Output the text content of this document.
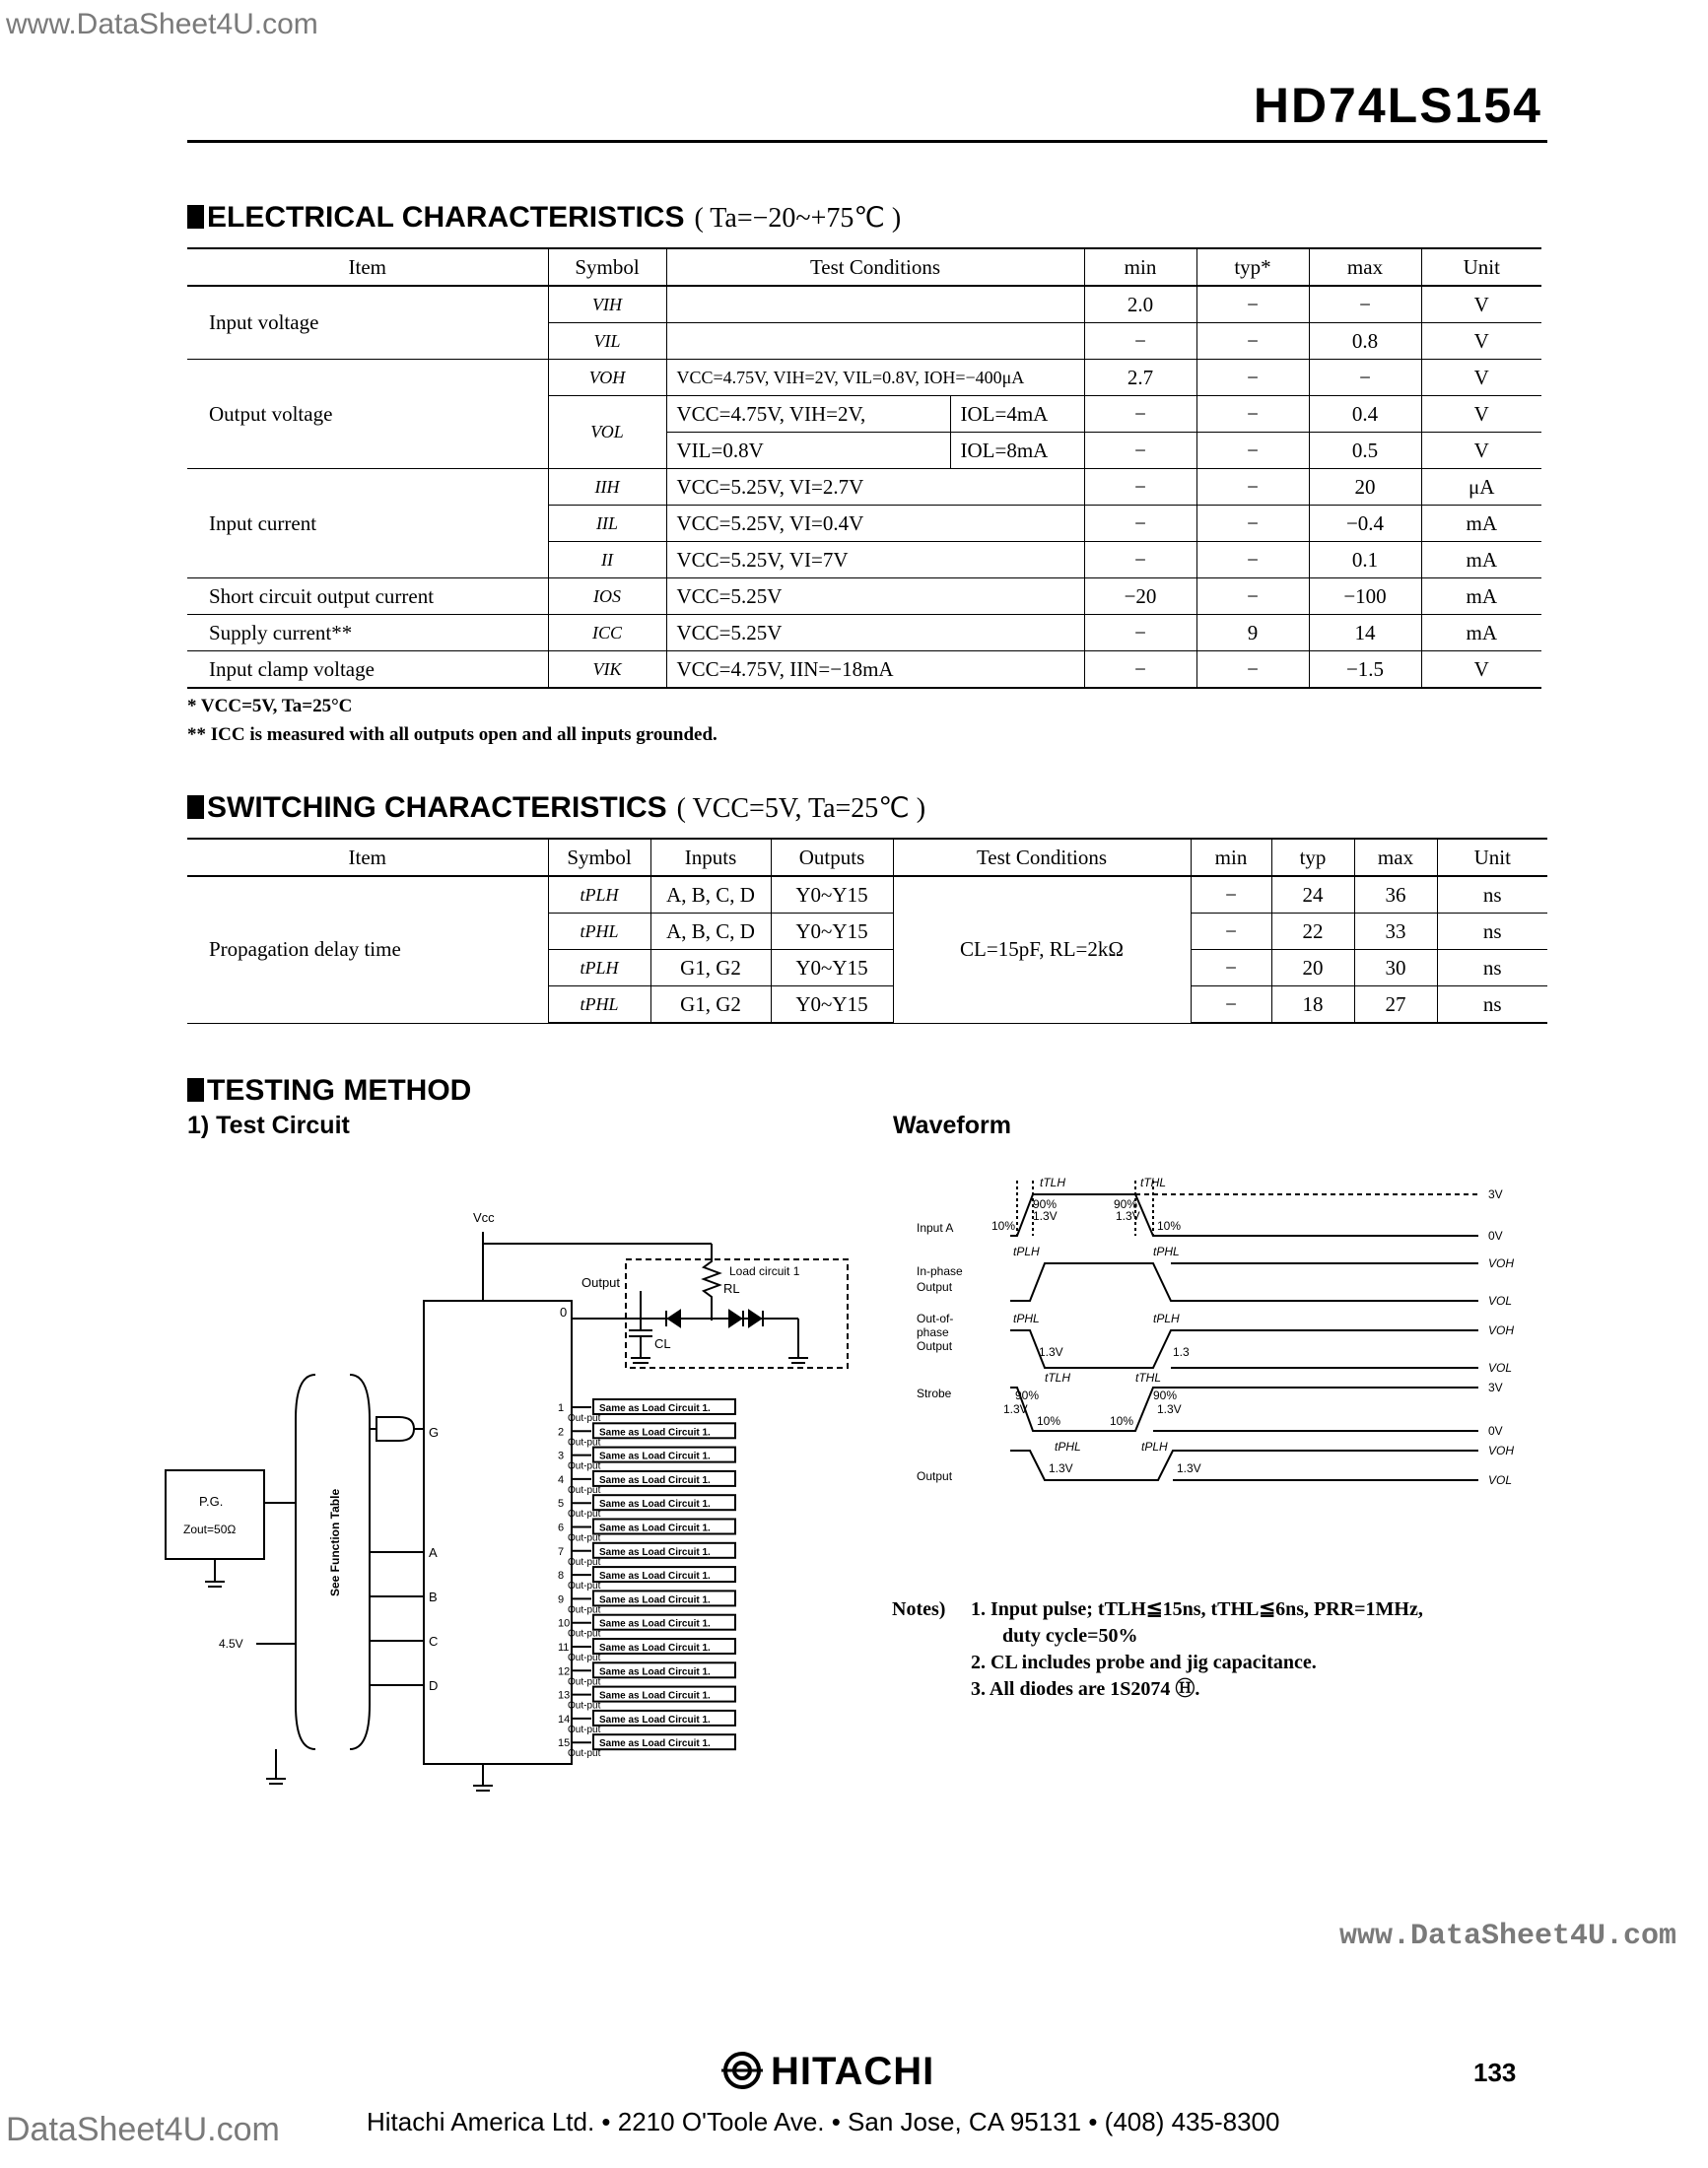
www.DataSheet4U.com
HD74LS154
ELECTRICAL CHARACTERISTICS ( Ta=−20~+75℃ )
Item	Symbol	Test Conditions		min	typ*	max	Unit
Input voltage	VIH			2.0	−	−	V
	VIL			−	−	0.8	V
Output voltage	VOH	VCC=4.75V, VIH=2V, VIL=0.8V, IOH=−400μA		2.7	−	−	V
	VOL	VCC=4.75V, VIH=2V,	IOL=4mA	−	−	0.4	V
		VIL=0.8V	IOL=8mA	−	−	0.5	V
Input current	IIH	VCC=5.25V, VI=2.7V		−	−	20	μA
	IIL	VCC=5.25V, VI=0.4V		−	−	−0.4	mA
	II	VCC=5.25V, VI=7V		−	−	0.1	mA
Short circuit output current	IOS	VCC=5.25V		−20	−	−100	mA
Supply current**	ICC	VCC=5.25V		−	9	14	mA
Input clamp voltage	VIK	VCC=4.75V, IIN=−18mA		−	−	−1.5	V
* VCC=5V, Ta=25°C
** ICC is measured with all outputs open and all inputs grounded.
SWITCHING CHARACTERISTICS ( VCC=5V, Ta=25℃ )
Item	Symbol	Inputs	Outputs	Test Conditions	min	typ	max	Unit
Propagation delay time	tPLH	A, B, C, D	Y0~Y15	CL=15pF, RL=2kΩ	−	24	36	ns
	tPHL	A, B, C, D	Y0~Y15		−	22	33	ns
	tPLH	G1, G2	Y0~Y15		−	20	30	ns
	tPHL	G1, G2	Y0~Y15		−	18	27	ns
TESTING METHOD
1) Test Circuit	Waveform
Vcc
Output
Load circuit 1
RL
CL
0
G
A
B
C
D
P.G.
Zout=50Ω
4.5V
See Function Table
1
Out-put
Same as Load Circuit 1.
2
Out-put
Same as Load Circuit 1.
3
Out-put
Same as Load Circuit 1.
4
Out-put
Same as Load Circuit 1.
5
Out-put
Same as Load Circuit 1.
6
Out-put
Same as Load Circuit 1.
7
Out-put
Same as Load Circuit 1.
8
Out-put
Same as Load Circuit 1.
9
Out-put
Same as Load Circuit 1.
10
Out-put
Same as Load Circuit 1.
11
Out-put
Same as Load Circuit 1.
12
Out-put
Same as Load Circuit 1.
13
Out-put
Same as Load Circuit 1.
14
Out-put
Same as Load Circuit 1.
15
Out-put
Same as Load Circuit 1.
Input A
In-phase
Output
Out-of-
phase
Output
Strobe
Output
tTLH	tTHL
tPLH	tPHL
tPHL	tPLH
tTLH	tTHL
tPHL	tPLH
90%	90%
10%	10%
90%	90%
10%	10%
1.3V	1.3V
1.3V	1.3
1.3V	1.3V
1.3V	1.3V
3V
0V
VOH
VOL
VOH
VOL
3V
0V
VOH
VOL
Notes) 1. Input pulse; tTLH≦15ns, tTHL≦6ns, PRR=1MHz,
duty cycle=50%
2. CL includes probe and jig capacitance.
3. All diodes are 1S2074 Ⓗ.
www.DataSheet4U.com
HITACHI	133
Hitachi America Ltd. • 2210 O'Toole Ave. • San Jose, CA 95131 • (408) 435-8300
DataSheet4U.com
